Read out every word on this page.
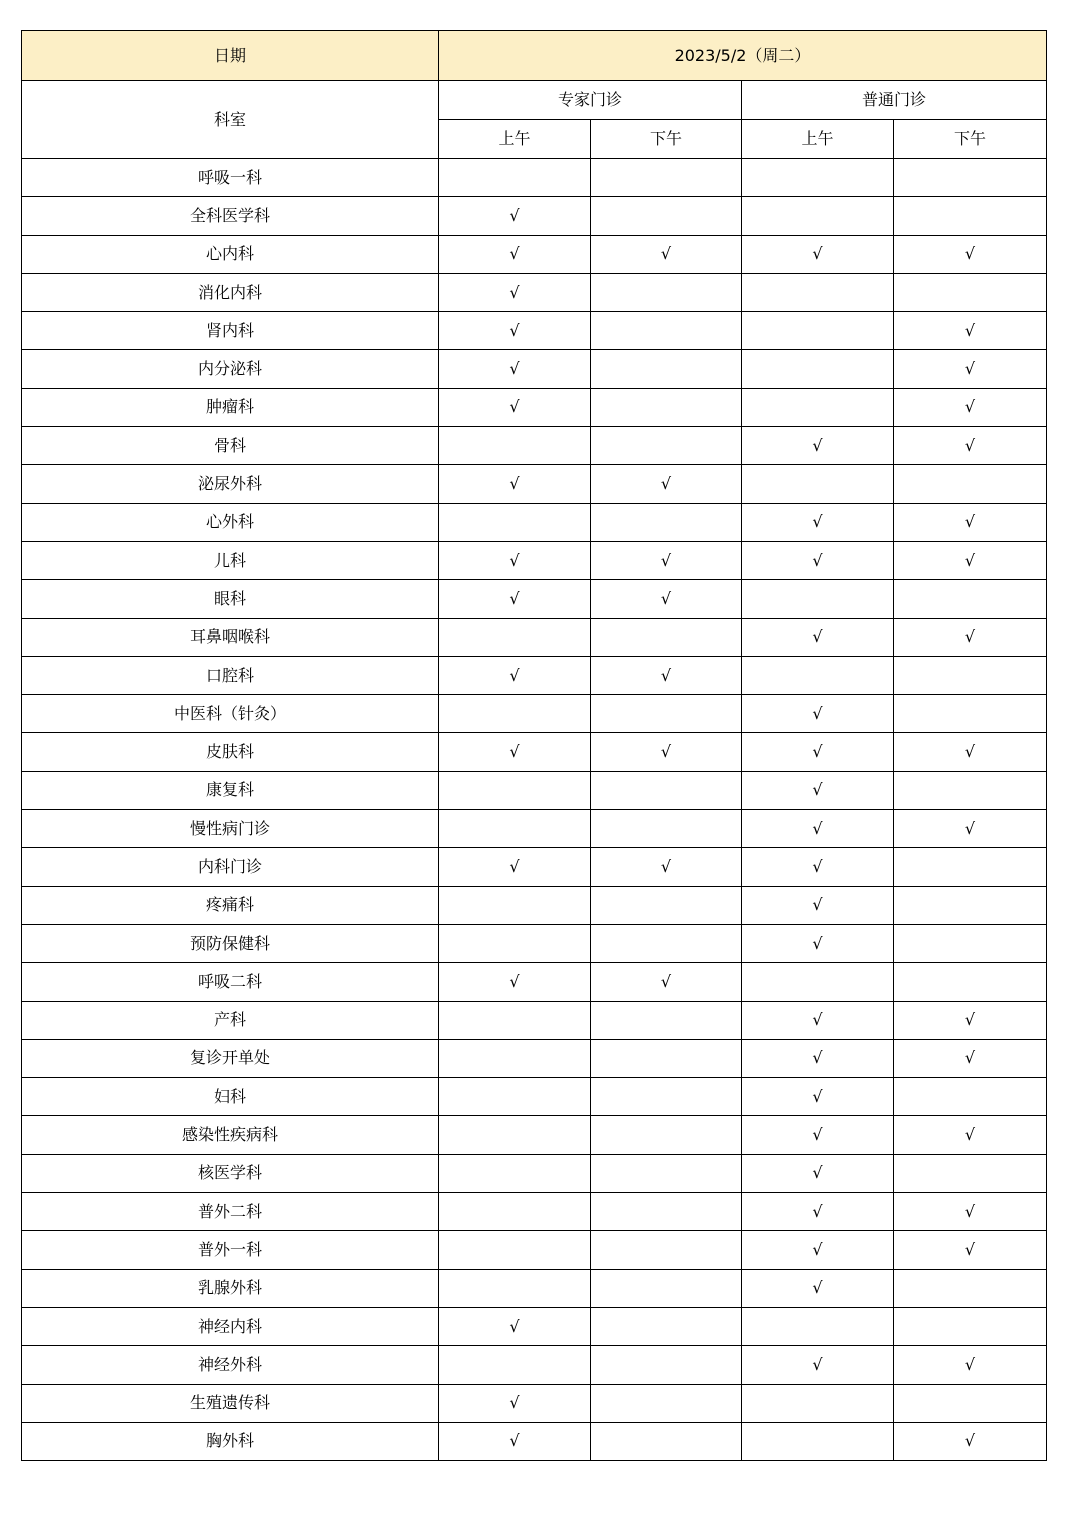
日期	2023/5/2（周二）			
科室	专家门诊		普通门诊	
	上午	下午	上午	下午
呼吸一科				
全科医学科	√			
心内科	√	√	√	√
消化内科	√			
肾内科	√			√
内分泌科	√			√
肿瘤科	√			√
骨科			√	√
泌尿外科	√	√		
心外科			√	√
儿科	√	√	√	√
眼科	√	√		
耳鼻咽喉科			√	√
口腔科	√	√		
中医科（针灸）			√	
皮肤科	√	√	√	√
康复科			√	
慢性病门诊			√	√
内科门诊	√	√	√	
疼痛科			√	
预防保健科			√	
呼吸二科	√	√		
产科			√	√
复诊开单处			√	√
妇科			√	
感染性疾病科			√	√
核医学科			√	
普外二科			√	√
普外一科			√	√
乳腺外科			√	
神经内科	√			
神经外科			√	√
生殖遗传科	√			
胸外科	√			√
